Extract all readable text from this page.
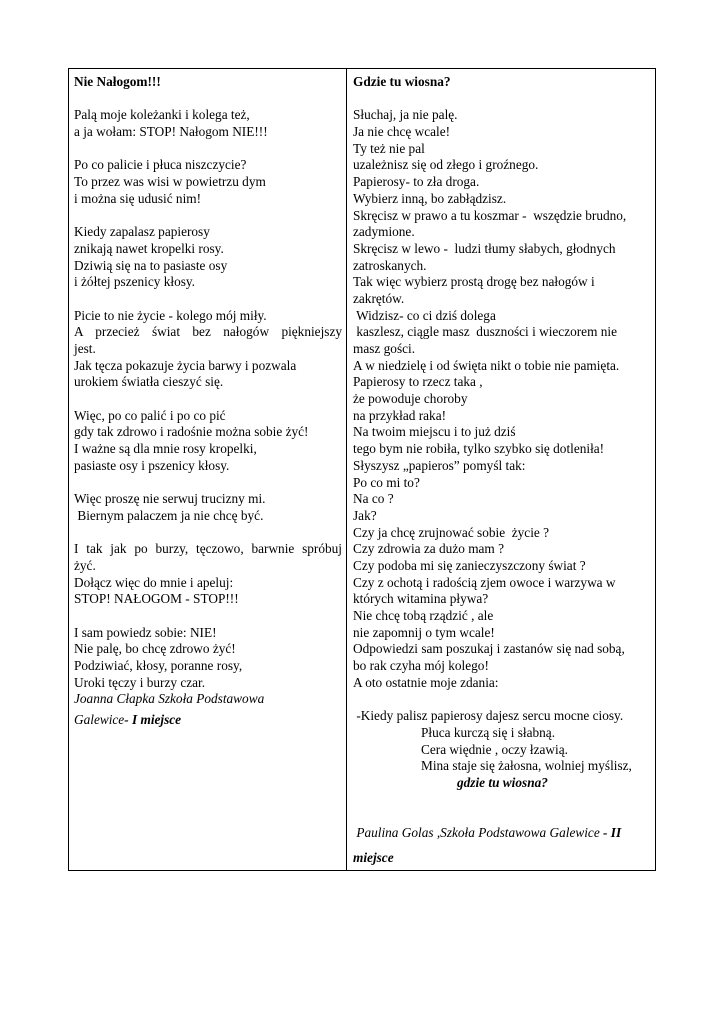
Nie Nałogom!!!
Palą moje koleżanki i kolega też,
a ja wołam: STOP! Nałogom NIE!!!
Po co palicie i płuca niszczycie?
To przez was wisi w powietrzu dym
i można się udusić nim!
Kiedy zapalasz papierosy
znikają nawet kropelki rosy.
Dziwią się na to pasiaste osy
i żółtej pszenicy kłosy.
Picie to nie życie - kolego mój miły.
A przecież świat bez nałogów piękniejszy
jest.
Jak tęcza pokazuje życia barwy i pozwala
urokiem światła cieszyć się.
Więc, po co palić i po co pić
gdy tak zdrowo i radośnie można sobie żyć!
I ważne są dla mnie rosy kropelki,
pasiaste osy i pszenicy kłosy.
Więc proszę nie serwuj trucizny mi.
Biernym palaczem ja nie chcę być.
I tak jak po burzy, tęczowo, barwnie spróbuj
żyć.
Dołącz więc do mnie i apeluj:
STOP! NAŁOGOM - STOP!!!
I sam powiedz sobie: NIE!
Nie palę, bo chcę zdrowo żyć!
Podziwiać, kłosy, poranne rosy,
Uroki tęczy i burzy czar.
Joanna Cłapka Szkoła Podstawowa
Galewice- I miejsce
Gdzie tu wiosna?
Słuchaj, ja nie palę.
Ja nie chcę wcale!
Ty też nie pal
uzależnisz się od złego i groźnego.
Papierosy- to zła droga.
Wybierz inną, bo zabłądzisz.
Skręcisz w prawo a tu koszmar -  wszędzie brudno,
zadymione.
Skręcisz w lewo -  ludzi tłumy słabych, głodnych
zatroskanych.
Tak więc wybierz prostą drogę bez nałogów i
zakrętów.
Widzisz- co ci dziś dolega
kaszlesz, ciągle masz  duszności i wieczorem nie
masz gości.
A w niedzielę i od święta nikt o tobie nie pamięta.
Papierosy to rzecz taka ,
że powoduje choroby
na przykład raka!
Na twoim miejscu i to już dziś
tego bym nie robiła, tylko szybko się dotleniła!
Słyszysz „papieros” pomyśl tak:
Po co mi to?
Na co ?
Jak?
Czy ja chcę zrujnować sobie  życie ?
Czy zdrowia za dużo mam ?
Czy podoba mi się zanieczyszczony świat ?
Czy z ochotą i radością zjem owoce i warzywa w
których witamina pływa?
Nie chcę tobą rządzić , ale
nie zapomnij o tym wcale!
Odpowiedzi sam poszukaj i zastanów się nad sobą,
bo rak czyha mój kolego!
A oto ostatnie moje zdania:
-Kiedy palisz papierosy dajesz sercu mocne ciosy.
Płuca kurczą się i słabną.
Cera więdnie , oczy łzawią.
Mina staje się żałosna, wolniej myślisz,
gdzie tu wiosna?
Paulina Golas ,Szkoła Podstawowa Galewice - II
miejsce
